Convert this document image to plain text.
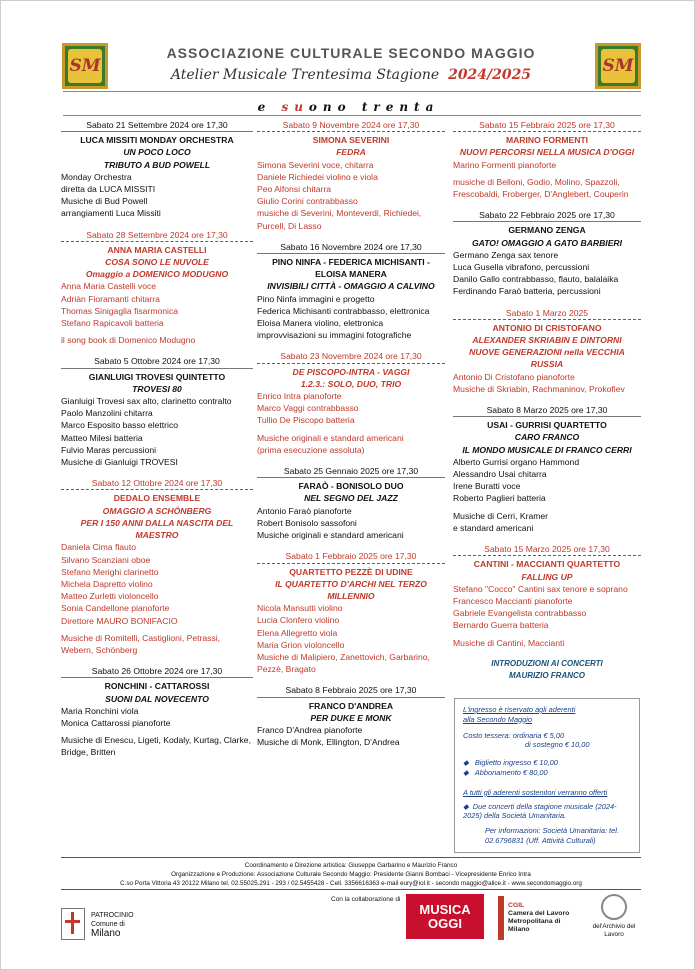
SM	SM
ASSOCIAZIONE CULTURALE SECONDO MAGGIO
Atelier Musicale Trentesima Stagione 2024/2025
e suono trenta
Sabato 21 Settembre 2024 ore 17,30
LUCA MISSITI MONDAY ORCHESTRA
UN POCO LOCO
TRIBUTO A BUD POWELL
Monday Orchestra
diretta da LUCA MISSITI
Musiche di Bud Powell
arrangiamenti Luca Missiti
Sabato 28 Settembre 2024 ore 17,30
ANNA MARIA CASTELLI
COSA SONO LE NUVOLE
Omaggio a DOMENICO MODUGNO
Anna Maria Castelli voce
Adriàn Fioramanti chitarra
Thomas Sinigaglia fisarmonica
Stefano Rapicavoli batteria
il song book di Domenico Modugno
Sabato 5 Ottobre 2024 ore 17,30
GIANLUIGI TROVESI QUINTETTO
TROVESI 80
Gianluigi Trovesi sax alto, clarinetto contralto
Paolo Manzolini chitarra
Marco Esposito basso elettrico
Matteo Milesi batteria
Fulvio Maras percussioni
Musiche di Gianluigi TROVESI
Sabato 12 Ottobre 2024 ore 17,30
DEDALO ENSEMBLE
OMAGGIO A SCHÖNBERG
PER I 150 ANNI DALLA NASCITA DEL MAESTRO
Daniela Cima flauto
Silvano Scanziani oboe
Stefano Merighi clarinetto
Michela Dapretto violino
Matteo Zurletti violoncello
Sonia Candellone pianoforte
Direttore MAURO BONIFACIO
Musiche di Romitelli, Castiglioni, Petrassi, Webern, Schönberg
Sabato 26 Ottobre 2024 ore 17,30
RONCHINI - CATTAROSSI
SUONI DAL NOVECENTO
Maria Ronchini viola
Monica Cattarossi pianoforte
Musiche di Enescu, Ligeti, Kodaly, Kurtag, Clarke, Bridge, Britten
Sabato 9 Novembre 2024 ore 17,30
SIMONA SEVERINI
FEDRA
Simona Severini voce, chitarra
Daniele Richiedei violino e viola
Peo Alfonsi chitarra
Giulio Corini contrabbasso
musiche di Severini, Monteverdi, Richiedei, Purcell, Di Lasso
Sabato 16 Novembre 2024 ore 17,30
PINO NINFA - FEDERICA MICHISANTI - ELOISA MANERA
INVISIBILI CITTÀ - OMAGGIO A CALVINO
Pino Ninfa immagini e progetto
Federica Michisanti contrabbasso, elettronica
Eloisa Manera violino, elettronica
improvvisazioni su immagini fotografiche
Sabato 23 Novembre 2024 ore 17,30
DE PISCOPO-INTRA - VAGGI
1.2.3.: SOLO, DUO, TRIO
Enrico Intra pianoforte
Marco Vaggi contrabbasso
Tullio De Piscopo batteria
Musiche originali e standard americani
(prima esecuzione assoluta)
Sabato 25 Gennaio 2025 ore 17,30
FARAÒ - BONISOLO DUO
NEL SEGNO DEL JAZZ
Antonio Faraò pianoforte
Robert Bonisolo sassofoni
Musiche originali e standard americani
Sabato 1 Febbraio 2025 ore 17,30
QUARTETTO PEZZÈ DI UDINE
IL QUARTETTO D'ARCHI NEL TERZO MILLENNIO
Nicola Mansutti violino
Lucia Clonfero violino
Elena Allegretto viola
Maria Grion violoncello
Musiche di Malipiero, Zanettovich, Garbarino, Pezzè, Bragato
Sabato 8 Febbraio 2025 ore 17,30
FRANCO D'ANDREA
PER DUKE E MONK
Franco D'Andrea pianoforte
Musiche di Monk, Ellington, D'Andrea
Sabato 15 Febbraio 2025 ore 17,30
MARINO FORMENTI
NUOVI PERCORSI NELLA MUSICA D'OGGI
Marino Formenti pianoforte
musiche di Belloni, Godio, Molino, Spazzoli, Frescobaldi, Froberger, D'Anglebert, Couperin
Sabato 22 Febbraio 2025 ore 17,30
GERMANO ZENGA
GATO! OMAGGIO A GATO BARBIERI
Germano Zenga sax tenore
Luca Gusella vibrafono, percussioni
Danilo Gallo contrabbasso, flauto, balalaika
Ferdinando Faraò batteria, percussioni
Sabato 1 Marzo 2025
ANTONIO DI CRISTOFANO
ALEXANDER SKRIABIN E DINTORNI
NUOVE GENERAZIONI nella VECCHIA RUSSIA
Antonio Di Cristofano pianoforte
Musiche di Skriabin, Rachmaninov, Prokofiev
Sabato 8 Marzo 2025 ore 17,30
USAI - GURRISI QUARTETTO
CARO FRANCO
IL MONDO MUSICALE DI FRANCO CERRI
Alberto Gurrisi organo Hammond
Alessandro Usai chitarra
Irene Buratti voce
Roberto Paglieri batteria
Musiche di Cerri, Kramer
e standard americani
Sabato 15 Marzo 2025 ore 17,30
CANTINI - MACCIANTI QUARTETTO
FALLING UP
Stefano "Cocco" Cantini sax tenore e soprano
Francesco Maccianti pianoforte
Gabriele Evangelista contrabbasso
Bernardo Guerra batteria
Musiche di Cantini, Maccianti
INTRODUZIONI AI CONCERTI
MAURIZIO FRANCO
L'ingresso è riservato agli aderenti
alla Secondo Maggio
Costo tessera: ordinaria € 5,00
di sostegno € 10,00
◆   Biglietto ingresso € 10,00
◆   Abbonamento € 80,00
A tutti gli aderenti sostenitori verranno offerti
◆  Due concerti della stagione musicale (2024-2025) della Società Umanitaria.
Per informazioni: Società Umanitaria: tel. 02.6796831 (Uff. Attività Culturali)
Coordinamento e Direzione artistica: Giuseppe Garbarino e Maurizio Franco
Organizzazione e Produzione: Associazione Culturale Secondo Maggio: Presidente Gianni Bombaci - Vicepresidente Enrico Intra
C.so Porta Vittoria 43 20122 Milano tel. 02.55025.291 - 293 / 02.5455428 - Cell. 3356616363 e-mail eury@iol.it - secondo maggio@alice.it - www.secondomaggio.org
PATROCINIO
Comune di
Milano
Con la collaborazione di
MUSICA
OGGI
CGIL
Camera del Lavoro Metropolitana di Milano	del'Archivio del Lavoro
